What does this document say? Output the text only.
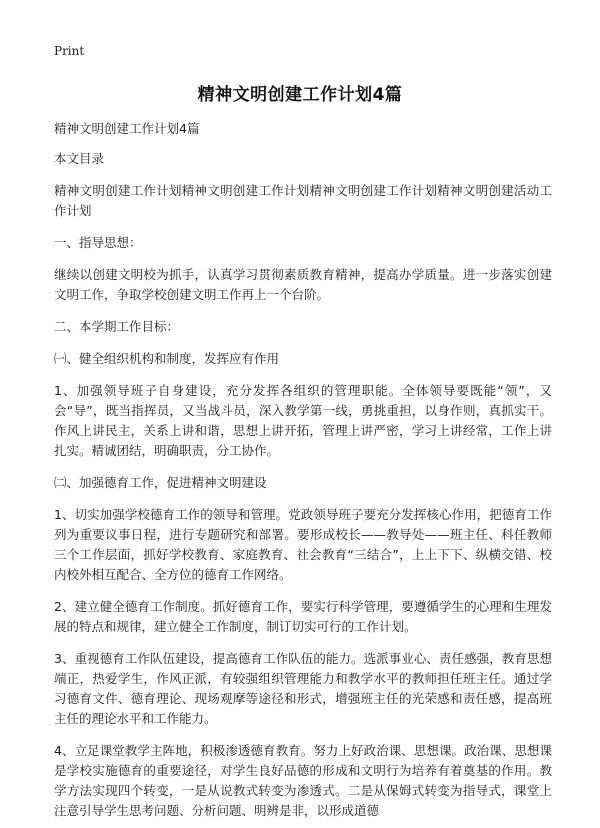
Print
精神文明创建工作计划4篇

精神文明创建工作计划4篇

本文目录

精神文明创建工作计划精神文明创建工作计划精神文明创建工作计划精神文明创建活动工作计划

一、指导思想：

继续以创建文明校为抓手，认真学习贯彻素质教育精神，提高办学质量。进一步落实创建文明工作，争取学校创建文明工作再上一个台阶。

二、本学期工作目标：

㈠、健全组织机构和制度，发挥应有作用

1、加强领导班子自身建设，充分发挥各组织的管理职能。全体领导要既能“领”，又会“导”，既当指挥员，又当战斗员，深入教学第一线，勇挑重担，以身作则，真抓实干。作风上讲民主，关系上讲和谐，思想上讲开拓，管理上讲严密，学习上讲经常，工作上讲扎实。精诚团结，明确职责，分工协作。

㈡、加强德育工作，促进精神文明建设

1、切实加强学校德育工作的领导和管理。党政领导班子要充分发挥核心作用，把德育工作列为重要议事日程，进行专题研究和部署。要形成校长——教导处——班主任、科任教师三个工作层面，抓好学校教育、家庭教育、社会教育“三结合”，上上下下、纵横交错、校内校外相互配合、全方位的德育工作网络。

2、建立健全德育工作制度。抓好德育工作，要实行科学管理，要遵循学生的心理和生理发展的特点和规律，建立健全工作制度，制订切实可行的工作计划。

3、重视德育工作队伍建设，提高德育工作队伍的能力。选派事业心、责任感强，教育思想端正，热爱学生，作风正派，有较强组织管理能力和教学水平的教师担任班主任。通过学习德育文件、德育理论、现场观摩等途径和形式，增强班主任的光荣感和责任感，提高班主任的理论水平和工作能力。

4、立足课堂教学主阵地，积极渗透德育教育。努力上好政治课、思想课。政治课、思想课是学校实施德育的重要途径，对学生良好品德的形成和文明行为培养有着奠基的作用。教学方法实现四个转变，一是从说教式转变为渗透式。二是从保姆式转变为指导式，课堂上注意引导学生思考问题、分析问题、明辨是非，以形成道德
